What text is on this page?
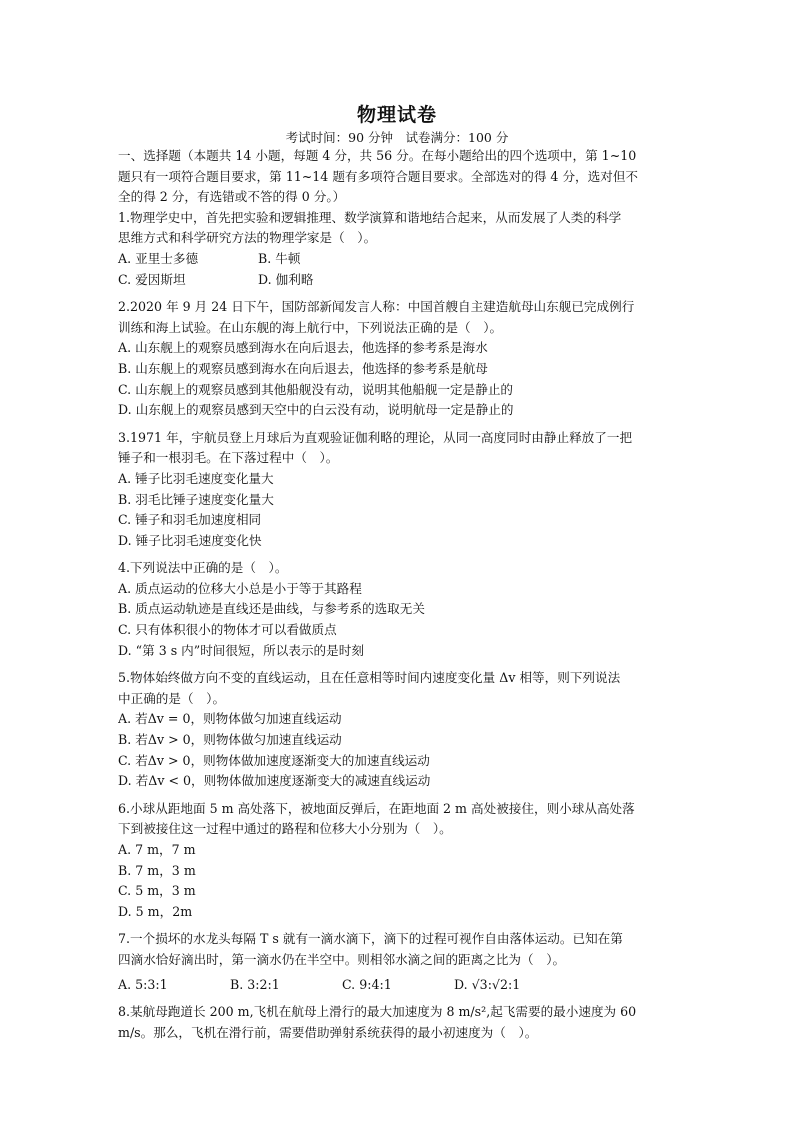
物理试卷
考试时间：90 分钟　试卷满分：100 分
一、选择题（本题共 14 小题，每题 4 分，共 56 分。在每小题给出的四个选项中，第 1~10
题只有一项符合题目要求，第 11~14 题有多项符合题目要求。全部选对的得 4 分，选对但不
全的得 2 分，有选错或不答的得 0 分。）
1.物理学史中，首先把实验和逻辑推理、数学演算和谐地结合起来，从而发展了人类的科学
思维方式和科学研究方法的物理学家是（　）。
A. 亚里士多德	B. 牛顿
C. 爱因斯坦	D. 伽利略
2.2020 年 9 月 24 日下午，国防部新闻发言人称：中国首艘自主建造航母山东舰已完成例行
训练和海上试验。在山东舰的海上航行中，下列说法正确的是（　）。
A. 山东舰上的观察员感到海水在向后退去，他选择的参考系是海水
B. 山东舰上的观察员感到海水在向后退去，他选择的参考系是航母
C. 山东舰上的观察员感到其他船舰没有动，说明其他船舰一定是静止的
D. 山东舰上的观察员感到天空中的白云没有动，说明航母一定是静止的
3.1971 年，宇航员登上月球后为直观验证伽利略的理论，从同一高度同时由静止释放了一把
锤子和一根羽毛。在下落过程中（　）。
A. 锤子比羽毛速度变化量大
B. 羽毛比锤子速度变化量大
C. 锤子和羽毛加速度相同
D. 锤子比羽毛速度变化快
4.下列说法中正确的是（　）。
A. 质点运动的位移大小总是小于等于其路程
B. 质点运动轨迹是直线还是曲线，与参考系的选取无关
C. 只有体积很小的物体才可以看做质点
D. “第 3 s 内”时间很短，所以表示的是时刻
5.物体始终做方向不变的直线运动，且在任意相等时间内速度变化量 Δv 相等，则下列说法
中正确的是（　）。
A. 若Δv = 0，则物体做匀加速直线运动
B. 若Δv > 0，则物体做匀加速直线运动
C. 若Δv > 0，则物体做加速度逐渐变大的加速直线运动
D. 若Δv < 0，则物体做加速度逐渐变大的减速直线运动
6.小球从距地面 5 m 高处落下，被地面反弹后，在距地面 2 m 高处被接住，则小球从高处落
下到被接住这一过程中通过的路程和位移大小分别为（　）。
A. 7 m，7 m
B. 7 m，3 m
C. 5 m，3 m
D. 5 m，2m
7.一个损坏的水龙头每隔 T s 就有一滴水滴下，滴下的过程可视作自由落体运动。已知在第
四滴水恰好滴出时，第一滴水仍在半空中。则相邻水滴之间的距离之比为（　）。
A. 5:3:1	B. 3:2:1	C. 9:4:1	D. √3:√2:1
8.某航母跑道长 200 m,飞机在航母上滑行的最大加速度为 8 m/s²,起飞需要的最小速度为 60
m/s。那么，飞机在滑行前，需要借助弹射系统获得的最小初速度为（　）。
